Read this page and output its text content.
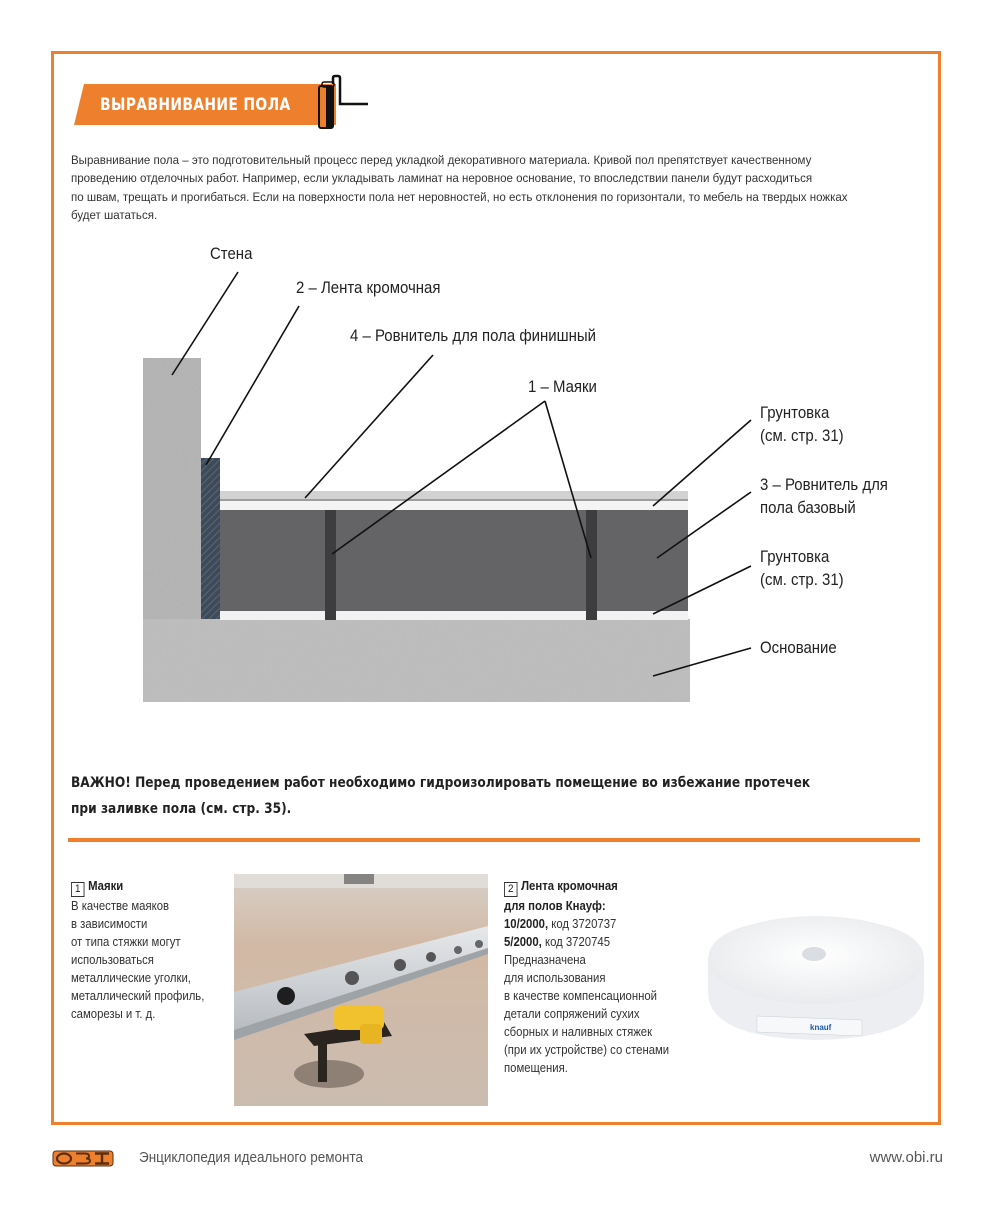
ВЫРАВНИВАНИЕ ПОЛА
Выравнивание пола – это подготовительный процесс перед укладкой декоративного материала. Кривой пол препятствует качественному
проведению отделочных работ. Например, если укладывать ламинат на неровное основание, то впоследствии панели будут расходиться
по швам, трещать и прогибаться. Если на поверхности пола нет неровностей, но есть отклонения по горизонтали, то мебель на твердых ножках
будет шататься.
Стена
2 – Лента кромочная
4 – Ровнитель для пола финишный
1 – Маяки
Грунтовка
(см. стр. 31)
3 – Ровнитель для
пола базовый
Грунтовка
(см. стр. 31)
Основание
ВАЖНО! Перед проведением работ необходимо гидроизолировать помещение во избежание протечек
при заливке пола (см. стр. 35).
1 Маяки
В качестве маяков
в зависимости
от типа стяжки могут
использоваться
металлические уголки,
металлический профиль,
саморезы и т. д.
2 Лента кромочная
для полов Кнауф:
10/2000, код 3720737
5/2000, код 3720745
Предназначена
для использования
в качестве компенсационной
детали сопряжений сухих
сборных и наливных стяжек
(при их устройстве) со стенами
помещения.
knauf
Энциклопедия идеального ремонта	www.obi.ru
